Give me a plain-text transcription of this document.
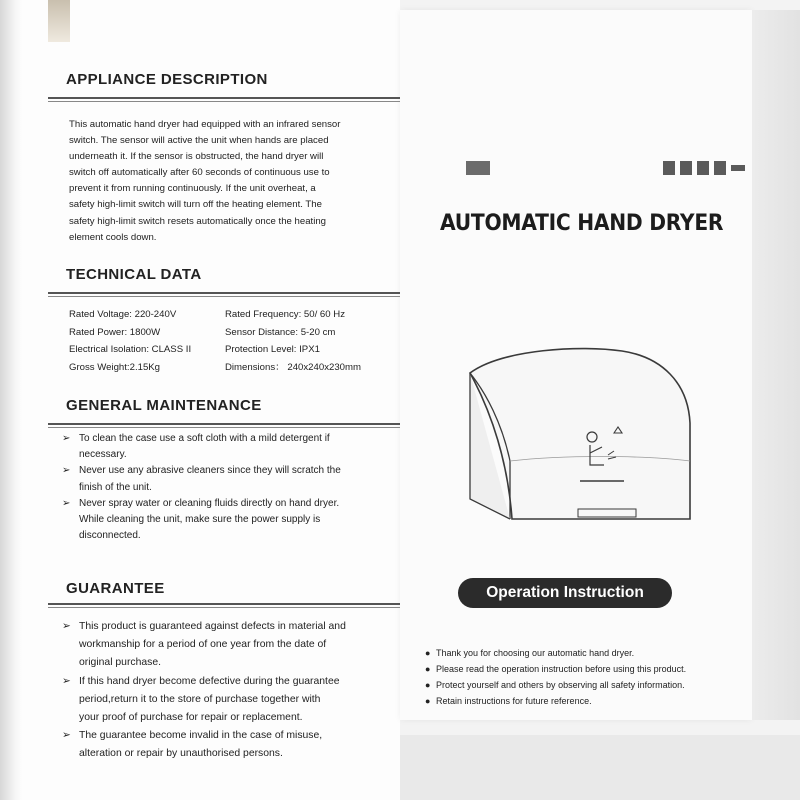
APPLIANCE DESCRIPTION
This automatic hand dryer had equipped with an infrared sensor
switch. The sensor will active the unit when hands are placed
underneath it. If the sensor is obstructed, the hand dryer will
switch off automatically after 60 seconds of continuous use to
prevent it from running continuously. If the unit overheat, a
safety high-limit switch will turn off the heating element. The
safety high-limit switch resets automatically once the heating
element cools down.
TECHNICAL DATA
Rated Voltage: 220-240V	Rated Frequency: 50/ 60 Hz
Rated Power: 1800W	Sensor Distance: 5-20 cm
Electrical Isolation: CLASS II	Protection Level: IPX1
Gross Weight:2.15Kg	Dimensions： 240x240x230mm
GENERAL MAINTENANCE
➢ To clean the case use a soft cloth with a mild detergent if
necessary.
➢ Never use any abrasive cleaners since they will scratch the
finish of the unit.
➢ Never spray water or cleaning fluids directly on hand dryer.
While cleaning the unit, make sure the power supply is
disconnected.
GUARANTEE
➢ This product is guaranteed against defects in material and
workmanship for a period of one year from the date of
original purchase.
➢ If this hand dryer become defective during the guarantee
period,return it to the store of purchase together with
your proof of purchase for repair or replacement.
➢ The guarantee become invalid in the case of misuse,
alteration or repair by unauthorised persons.
AUTOMATIC HAND DRYER
Operation Instruction
● Thank you for choosing our automatic hand dryer.
● Please read the operation instruction before using this product.
● Protect yourself and others by observing all safety information.
● Retain instructions for future reference.
